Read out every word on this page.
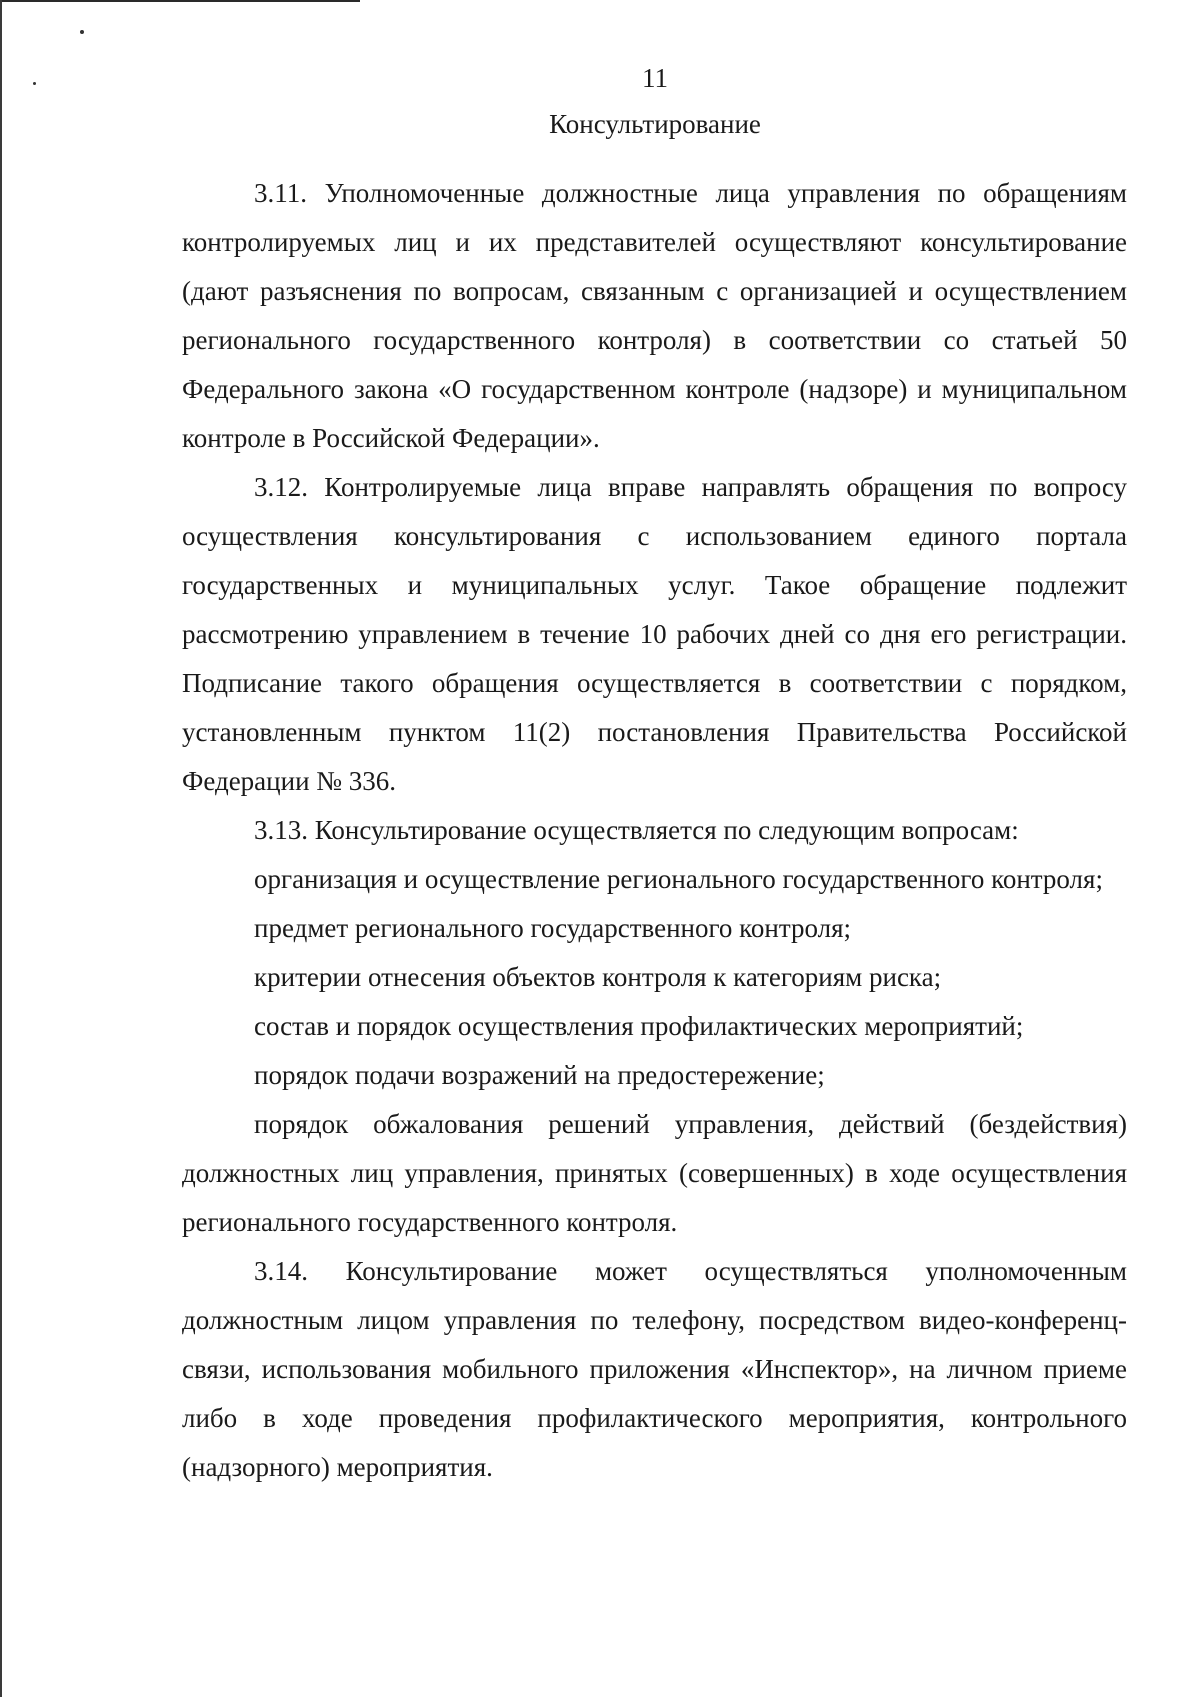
11
Консультирование

3.11. Уполномоченные должностные лица управления по обращениям контролируемых лиц и их представителей осуществляют консультирование (дают разъяснения по вопросам, связанным с организацией и осуществлением регионального государственного контроля) в соответствии со статьей 50 Федерального закона «О государственном контроле (надзоре) и муниципальном контроле в Российской Федерации».

3.12. Контролируемые лица вправе направлять обращения по вопросу осуществления консультирования с использованием единого портала государственных и муниципальных услуг. Такое обращение подлежит рассмотрению управлением в течение 10 рабочих дней со дня его регистрации. Подписание такого обращения осуществляется в соответствии с порядком, установленным пунктом 11(2) постановления Правительства Российской Федерации № 336.

3.13. Консультирование осуществляется по следующим вопросам:

организация и осуществление регионального государственного контроля;

предмет регионального государственного контроля;

критерии отнесения объектов контроля к категориям риска;

состав и порядок осуществления профилактических мероприятий;

порядок подачи возражений на предостережение;

порядок обжалования решений управления, действий (бездействия) должностных лиц управления, принятых (совершенных) в ходе осуществления регионального государственного контроля.

3.14. Консультирование может осуществляться уполномоченным должностным лицом управления по телефону, посредством видео-конференц-связи, использования мобильного приложения «Инспектор», на личном приеме либо в ходе проведения профилактического мероприятия, контрольного (надзорного) мероприятия.
